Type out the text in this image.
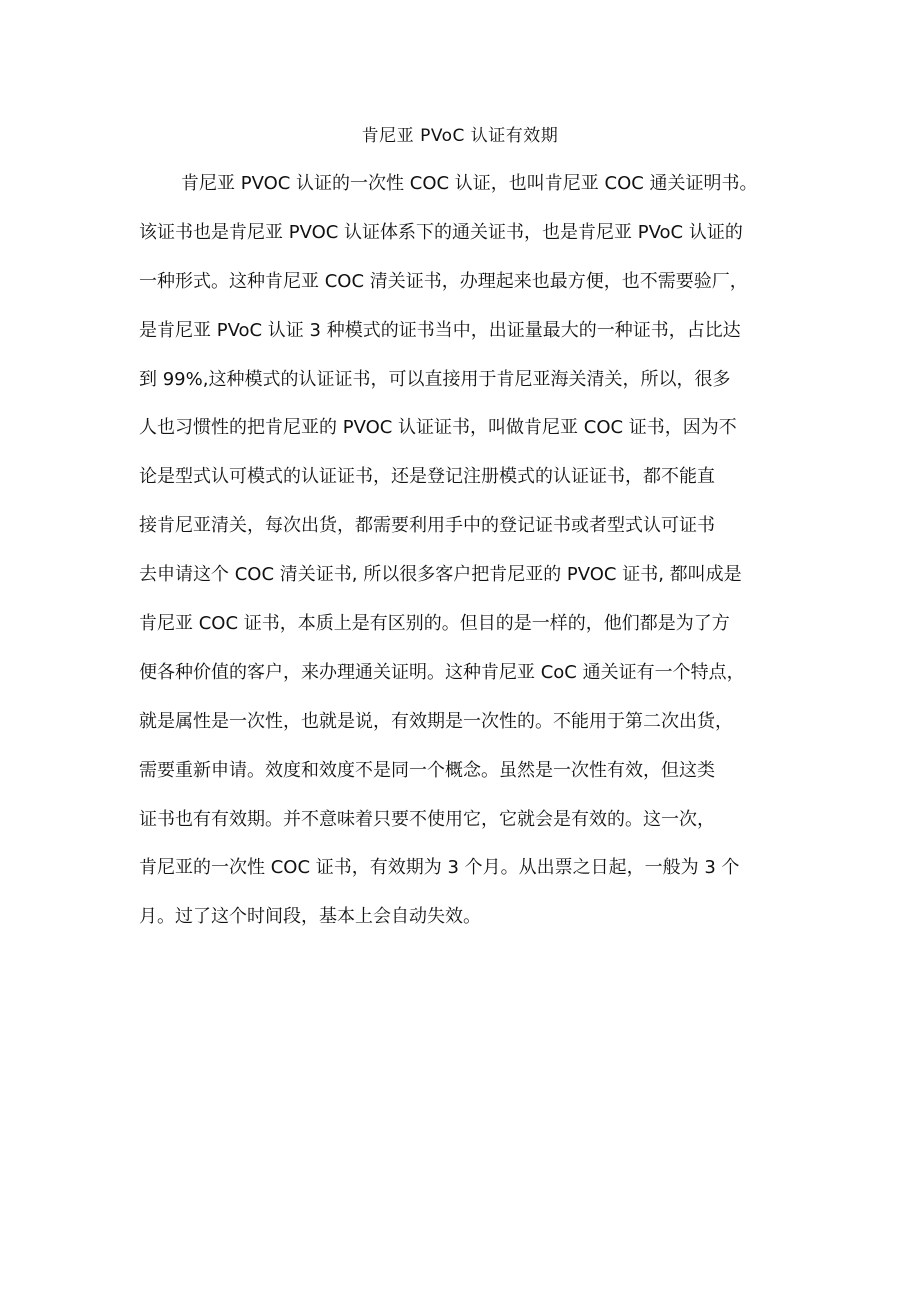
肯尼亚 PVoC 认证有效期
肯尼亚 PVOC 认证的一次性 COC 认证，也叫肯尼亚 COC 通关证明书。
该证书也是肯尼亚 PVOC 认证体系下的通关证书，也是肯尼亚 PVoC 认证的
一种形式。这种肯尼亚 COC 清关证书，办理起来也最方便，也不需要验厂，
是肯尼亚 PVoC 认证 3 种模式的证书当中，出证量最大的一种证书，占比达
到 99%,这种模式的认证证书，可以直接用于肯尼亚海关清关，所以，很多
人也习惯性的把肯尼亚的 PVOC 认证证书，叫做肯尼亚 COC 证书，因为不
论是型式认可模式的认证证书，还是登记注册模式的认证证书，都不能直
接肯尼亚清关，每次出货，都需要利用手中的登记证书或者型式认可证书
去申请这个 COC 清关证书, 所以很多客户把肯尼亚的 PVOC 证书, 都叫成是
肯尼亚 COC 证书，本质上是有区别的。但目的是一样的，他们都是为了方
便各种价值的客户，来办理通关证明。这种肯尼亚 CoC 通关证有一个特点，
就是属性是一次性，也就是说，有效期是一次性的。不能用于第二次出货，
需要重新申请。效度和效度不是同一个概念。虽然是一次性有效，但这类
证书也有有效期。并不意味着只要不使用它，它就会是有效的。这一次，
肯尼亚的一次性 COC 证书，有效期为 3 个月。从出票之日起，一般为 3 个
月。过了这个时间段，基本上会自动失效。
